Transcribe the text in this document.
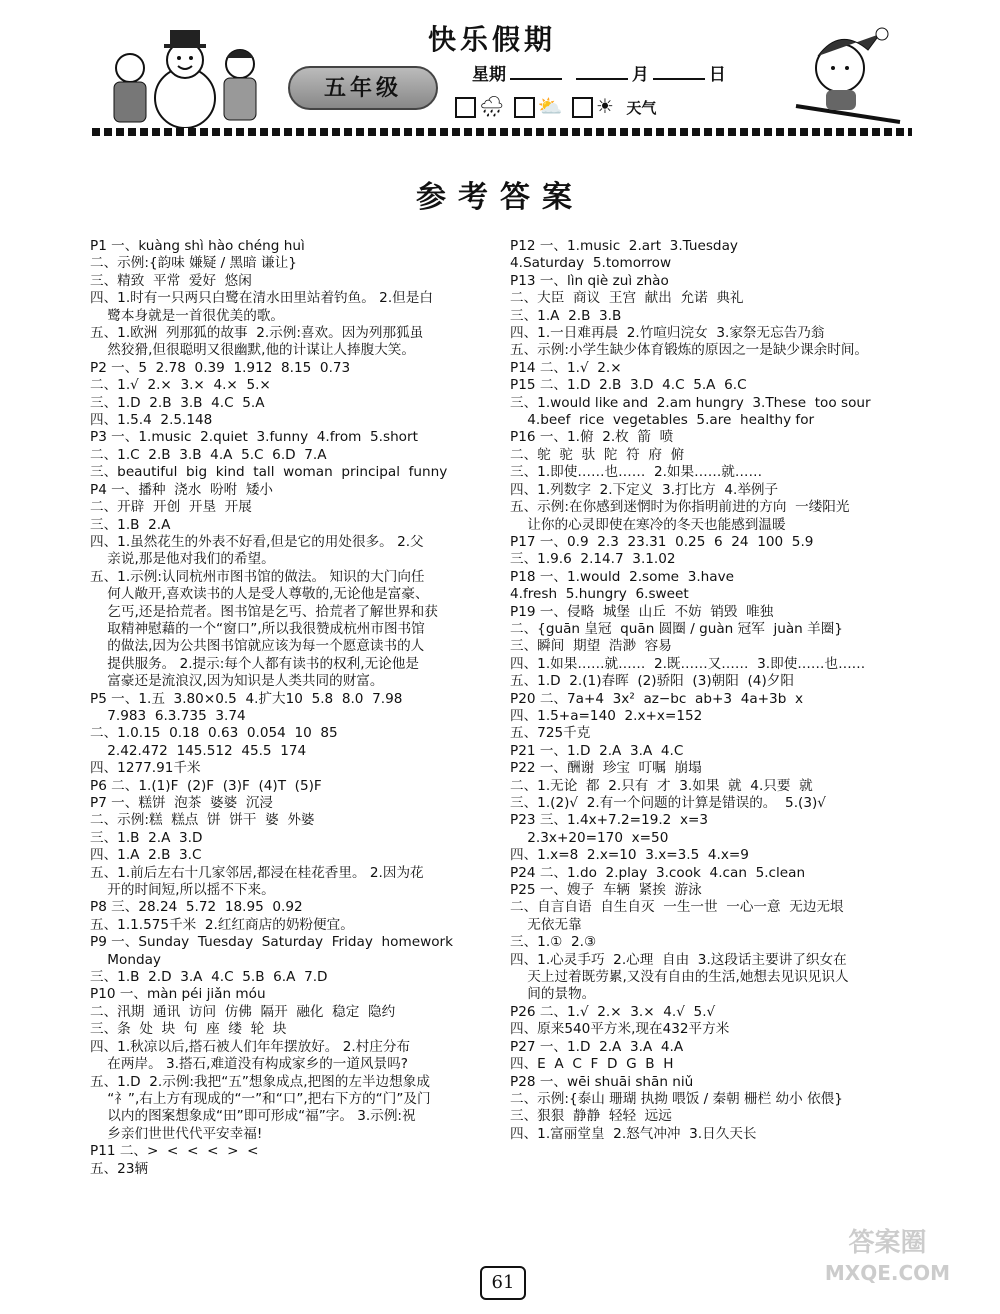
快乐假期
五年级	星期	月	日
🌧 ⛅ ☀ 天气
参考答案
P1 一、kuàng shì hào chéng huì
二、示例:{韵味 嫌疑 / 黑暗 谦让}
三、精致  平常  爱好  悠闲
四、1.时有一只两只白鹭在清水田里站着钓鱼。 2.但是白
鹭本身就是一首很优美的歌。
五、1.欧洲  列那狐的故事  2.示例:喜欢。因为列那狐虽
然狡猾,但很聪明又很幽默,他的计谋让人捧腹大笑。
P2 一、5  2.78  0.39  1.912  8.15  0.73
二、1.√  2.×  3.×  4.×  5.×
三、1.D  2.B  3.B  4.C  5.A
四、1.5.4  2.5.148
P3 一、1.music  2.quiet  3.funny  4.from  5.short
二、1.C  2.B  3.B  4.A  5.C  6.D  7.A
三、beautiful  big  kind  tall  woman  principal  funny
P4 一、播种  浇水  吩咐  矮小
二、开辟  开创  开垦  开展
三、1.B  2.A
四、1.虽然花生的外表不好看,但是它的用处很多。 2.父
亲说,那是他对我们的希望。
五、1.示例:认同杭州市图书馆的做法。 知识的大门向任
何人敞开,喜欢读书的人是受人尊敬的,无论他是富豪、
乞丐,还是拾荒者。图书馆是乞丐、拾荒者了解世界和获
取精神慰藉的一个“窗口”,所以我很赞成杭州市图书馆
的做法,因为公共图书馆就应该为每一个愿意读书的人
提供服务。 2.提示:每个人都有读书的权利,无论他是
富豪还是流浪汉,因为知识是人类共同的财富。
P5 一、1.五  3.80×0.5  4.扩大10  5.8  8.0  7.98
7.983  6.3.735  3.74
二、1.0.15  0.18  0.63  0.054  10  85
2.42.472  145.512  45.5  174
四、1277.91千米
P6 二、1.(1)F  (2)F  (3)F  (4)T  (5)F
P7 一、糕饼  泡茶  婆婆  沉浸
二、示例:糕  糕点  饼  饼干  婆  外婆
三、1.B  2.A  3.D
四、1.A  2.B  3.C
五、1.前后左右十几家邻居,都浸在桂花香里。 2.因为花
开的时间短,所以摇不下来。
P8 三、28.24  5.72  18.95  0.92
五、1.1.575千米  2.红红商店的奶粉便宜。
P9 一、Sunday  Tuesday  Saturday  Friday  homework
Monday
三、1.B  2.D  3.A  4.C  5.B  6.A  7.D
P10 一、màn péi jiǎn móu
二、汛期  通讯  访问  仿佛  隔开  融化  稳定  隐约
三、条  处  块  句  座  缕  轮  块
四、1.秋凉以后,搭石被人们年年摆放好。 2.村庄分布
在两岸。 3.搭石,难道没有构成家乡的一道风景吗?
五、1.D  2.示例:我把“五”想象成点,把图的左半边想象成
“礻”,右上方有现成的“一”和“口”,把右下方的“门”及门
以内的图案想象成“田”即可形成“福”字。 3.示例:祝
乡亲们世世代代平安幸福!
P11 二、>  <  <  <  >  <
五、23辆
P12 一、1.music  2.art  3.Tuesday
4.Saturday  5.tomorrow
P13 一、lìn qiè zuì zhào
二、大臣  商议  王宫  献出  允诺  典礼
三、1.A  2.B  3.B
四、1.一日难再晨  2.竹喧归浣女  3.家祭无忘告乃翁
五、示例:小学生缺少体育锻炼的原因之一是缺少课余时间。
P14 二、1.√  2.×
P15 二、1.D  2.B  3.D  4.C  5.A  6.C
三、1.would like and  2.am hungry  3.These  too sour
4.beef  rice  vegetables  5.are  healthy for
P16 一、1.俯  2.枚  箭  喷
二、鸵  驼  驮  陀  符  府  俯
三、1.即使……也……  2.如果……就……
四、1.列数字  2.下定义  3.打比方  4.举例子
五、示例:在你感到迷惘时为你指明前进的方向  一缕阳光
让你的心灵即使在寒冷的冬天也能感到温暖
P17 一、0.9  2.3  23.31  0.25  6  24  100  5.9
三、1.9.6  2.14.7  3.1.02
P18 一、1.would  2.some  3.have
4.fresh  5.hungry  6.sweet
P19 一、侵略  城堡  山丘  不妨  销毁  唯独
二、{guān 皇冠  quān 圆圈 / guàn 冠军  juàn 羊圈}
三、瞬间  期望  浩渺  容易
四、1.如果……就……  2.既……又……  3.即使……也……
五、1.D  2.(1)春晖  (2)骄阳  (3)朝阳  (4)夕阳
P20 二、7a+4  3x²  az−bc  ab+3  4a+3b  x
四、1.5+a=140  2.x+x=152
五、725千克
P21 一、1.D  2.A  3.A  4.C
P22 一、酬谢  珍宝  叮嘱  崩塌
二、1.无论  都  2.只有  才  3.如果  就  4.只要  就
三、1.(2)√  2.有一个问题的计算是错误的。  5.(3)√
P23 三、1.4x+7.2=19.2  x=3
2.3x+20=170  x=50
四、1.x=8  2.x=10  3.x=3.5  4.x=9
P24 二、1.do  2.play  3.cook  4.can  5.clean
P25 一、嫂子  车辆  紧挨  游泳
二、自言自语  自生自灭  一生一世  一心一意  无边无垠
无依无靠
三、1.①  2.③
四、1.心灵手巧  2.心理  自由  3.这段话主要讲了织女在
天上过着既劳累,又没有自由的生活,她想去见识见识人
间的景物。
P26 二、1.√  2.×  3.×  4.√  5.√
四、原来540平方米,现在432平方米
P27 一、1.D  2.A  3.A  4.A
四、E  A  C  F  D  G  B  H
P28 一、wēi shuāi shān niǔ
二、示例:{泰山 珊瑚 执拗 喂饭 / 秦朝 栅栏 幼小 依偎}
三、狠狠  静静  轻轻  远远
四、1.富丽堂皇  2.怒气冲冲  3.日久天长
61
答案圈
MXQE.COM
